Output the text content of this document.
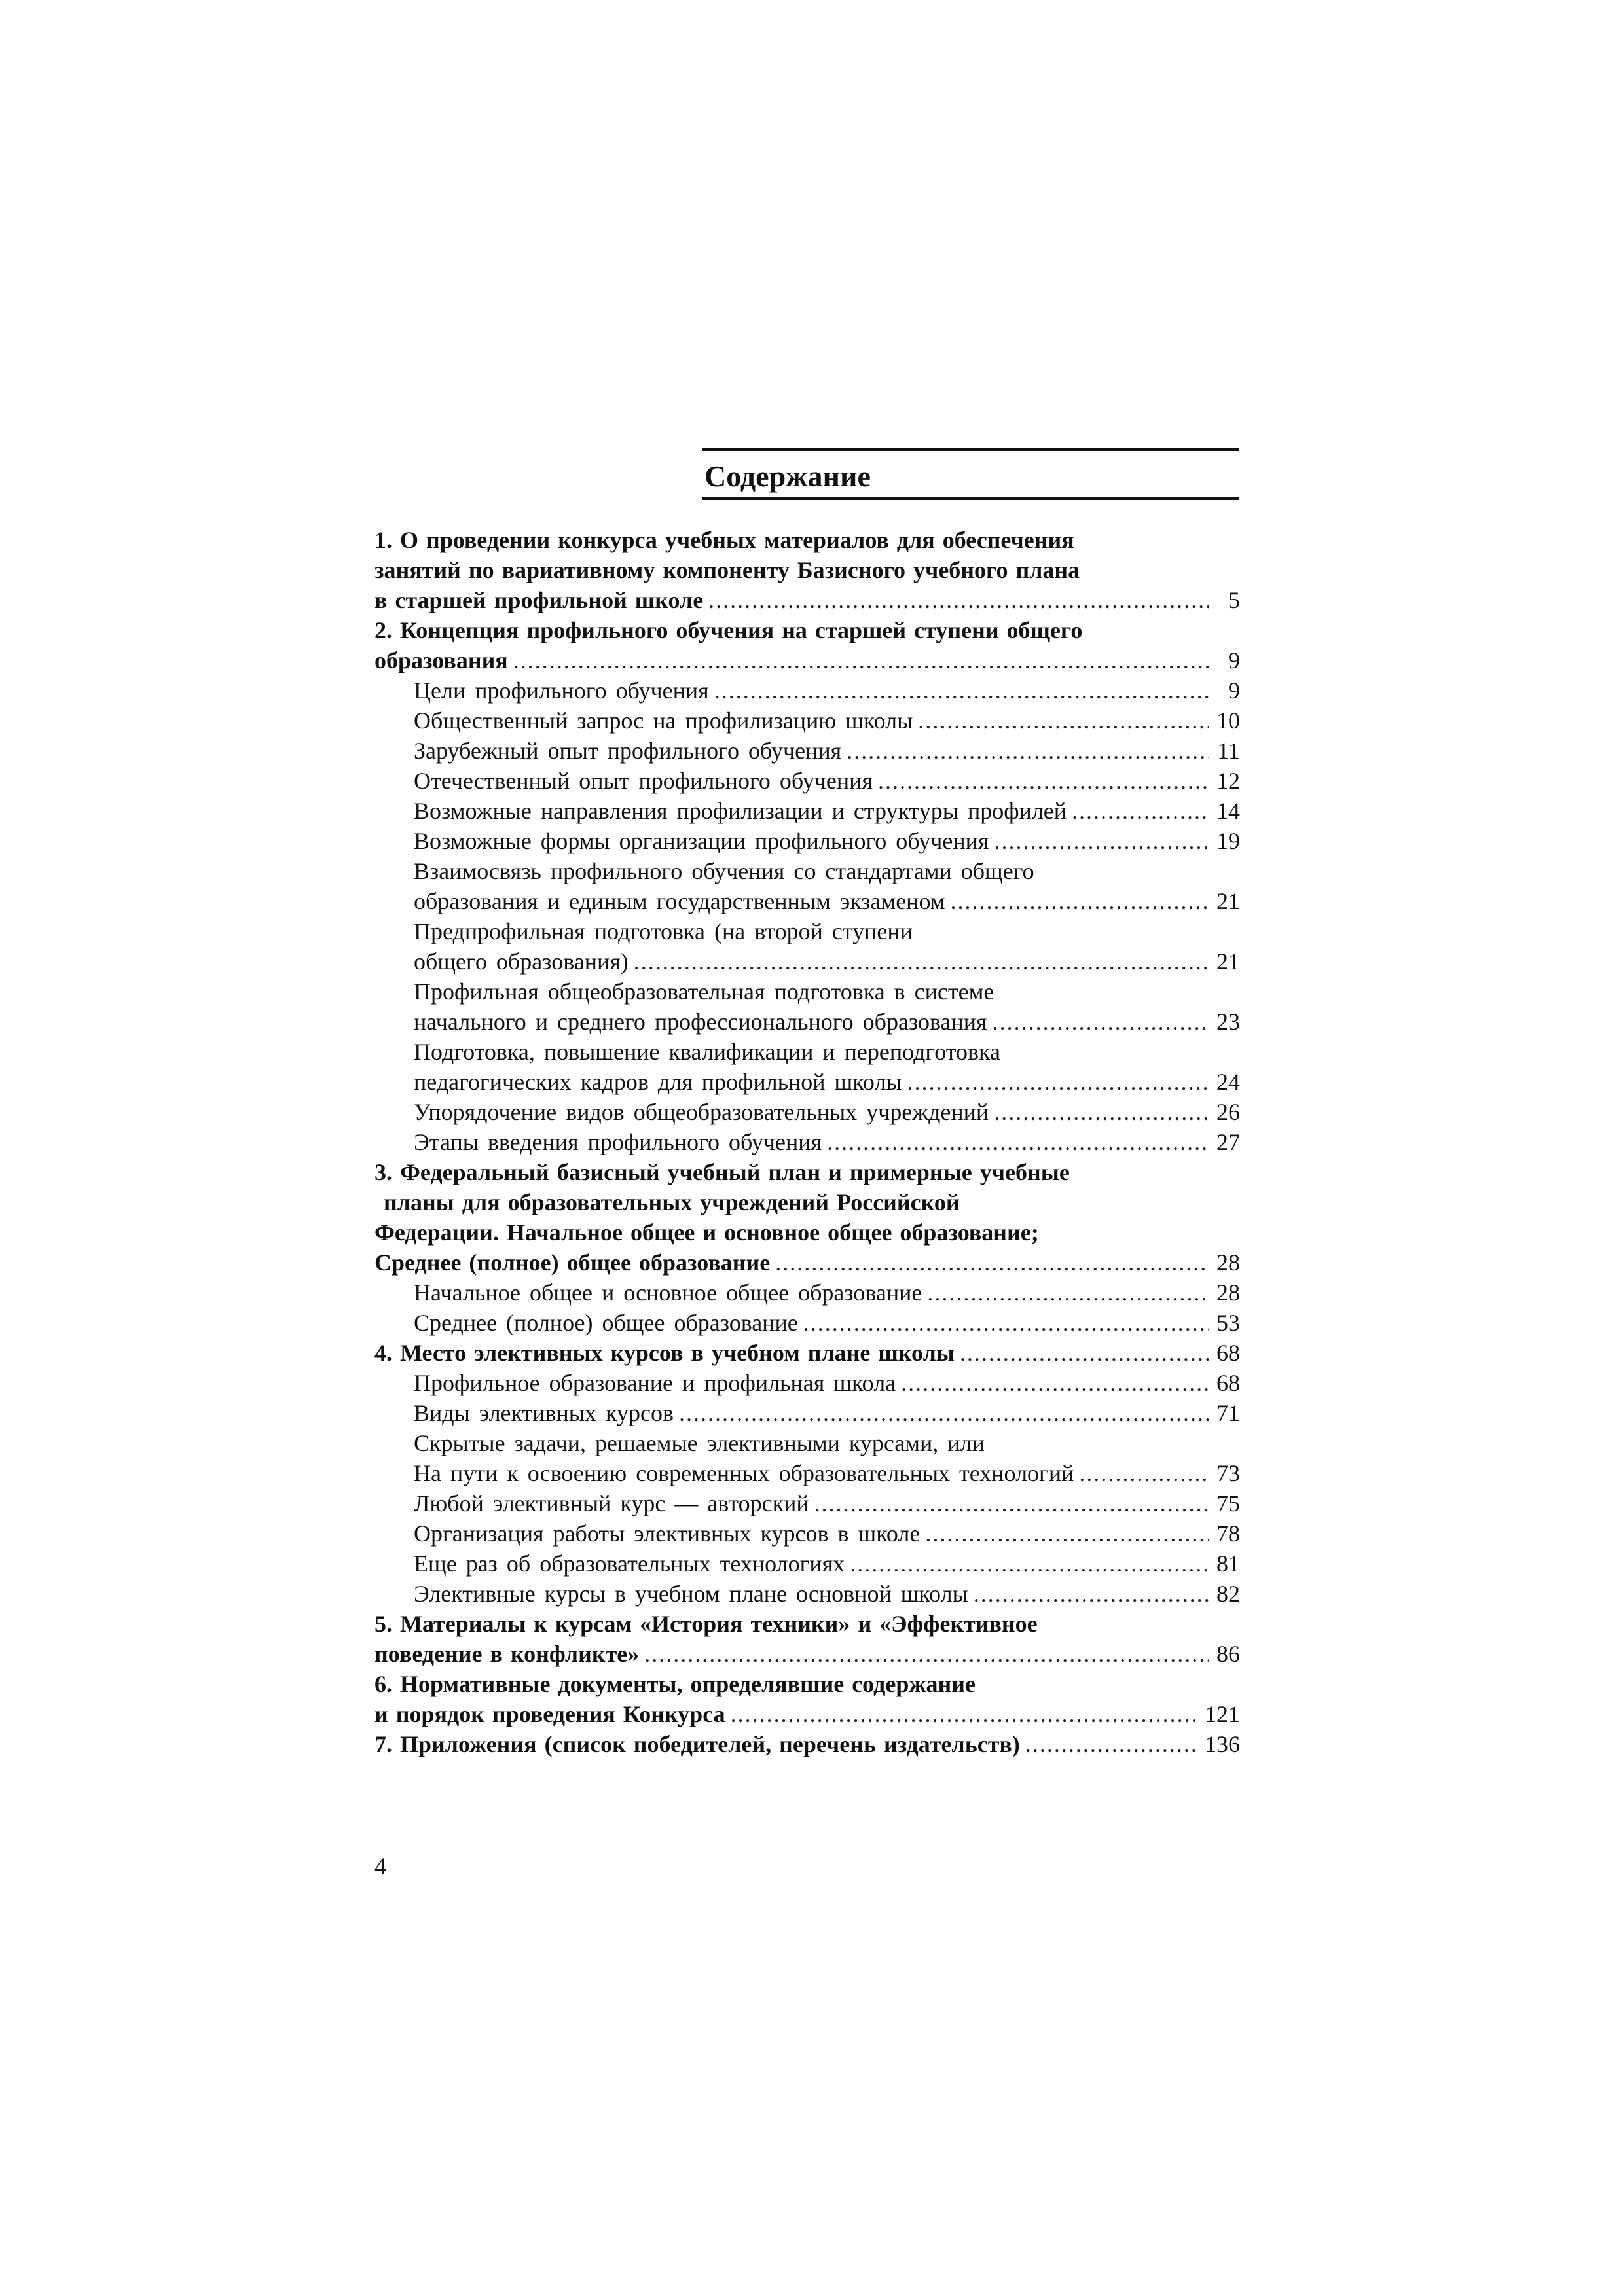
Содержание
1. О проведении конкурса учебных материалов для обеспечения
занятий по вариативному компоненту Базисного учебного плана
в старшей профильной школе .....	5
2. Концепция профильного обучения на старшей ступени общего
образования .....	9
Цели профильного обучения .....	9
Общественный запрос на профилизацию школы .....	10
Зарубежный опыт профильного обучения .....	11
Отечественный опыт профильного обучения .....	12
Возможные направления профилизации и структуры профилей .....	14
Возможные формы организации профильного обучения .....	19
Взаимосвязь профильного обучения со стандартами общего
образования и единым государственным экзаменом .....	21
Предпрофильная подготовка (на второй ступени
общего образования) .....	21
Профильная общеобразовательная подготовка в системе
начального и среднего профессионального образования .....	23
Подготовка, повышение квалификации и переподготовка
педагогических кадров для профильной школы .....	24
Упорядочение видов общеобразовательных учреждений .....	26
Этапы введения профильного обучения .....	27
3. Федеральный базисный учебный план и примерные учебные
планы для образовательных учреждений Российской
Федерации. Начальное общее и основное общее образование;
Среднее (полное) общее образование .....	28
Начальное общее и основное общее образование .....	28
Среднее (полное) общее образование .....	53
4. Место элективных курсов в учебном плане школы .....	68
Профильное образование и профильная школа .....	68
Виды элективных курсов .....	71
Скрытые задачи, решаемые элективными курсами, или
На пути к освоению современных образовательных технологий .....	73
Любой элективный курс — авторский .....	75
Организация работы элективных курсов в школе .....	78
Еще раз об образовательных технологиях .....	81
Элективные курсы в учебном плане основной школы .....	82
5. Материалы к курсам «История техники» и «Эффективное
поведение в конфликте» .....	86
6. Нормативные документы, определявшие содержание
и порядок проведения Конкурса .....	121
7. Приложения (список победителей, перечень издательств) .....	136
4
